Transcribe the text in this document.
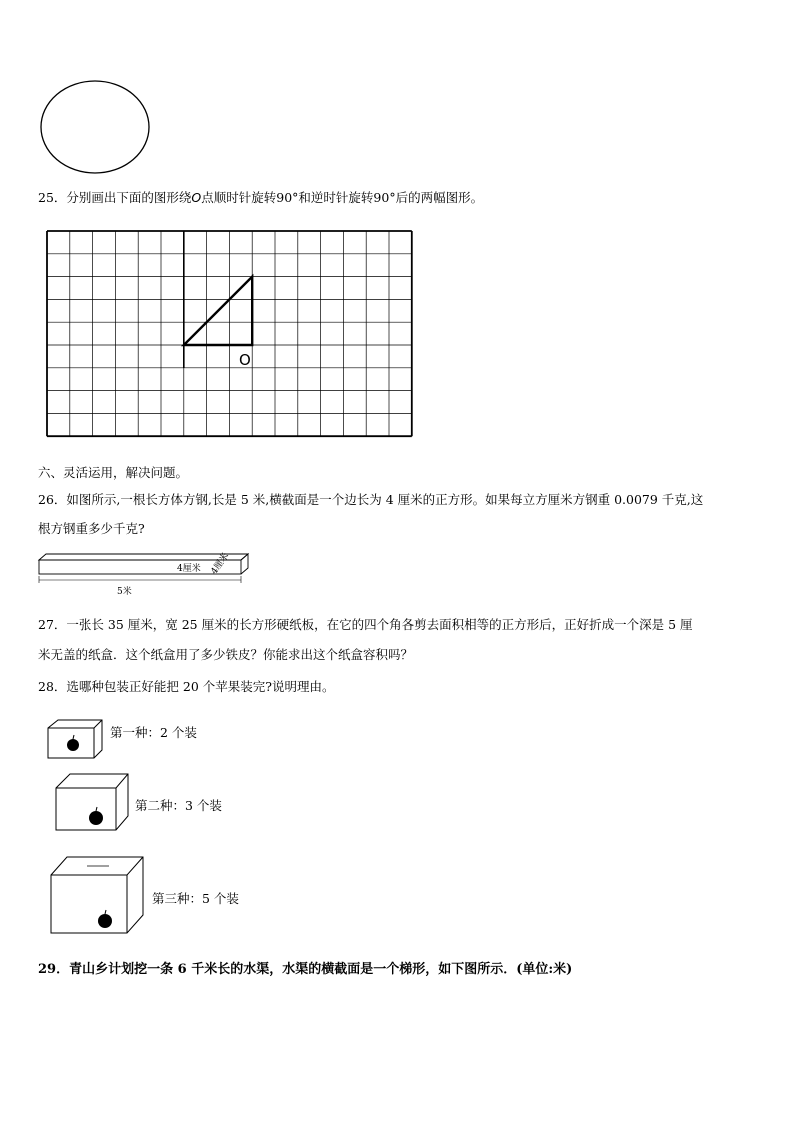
25．分别画出下面的图形绕O点顺时针旋转90°和逆时针旋转90°后的两幅图形。
O
六、灵活运用，解决问题。
26．如图所示,一根长方体方钢,长是 5 米,横截面是一个边长为 4 厘米的正方形。如果每立方厘米方钢重 0.0079 千克,这
根方钢重多少千克?
4厘米 4厘米
5米
27．一张长 35 厘米，宽 25 厘米的长方形硬纸板，在它的四个角各剪去面积相等的正方形后，正好折成一个深是 5 厘
米无盖的纸盒．这个纸盒用了多少铁皮？你能求出这个纸盒容积吗？
28．选哪种包装正好能把 20 个苹果装完?说明理由。
第一种：2 个装
第二种：3 个装
第三种：5 个装
29．青山乡计划挖一条 6 千米长的水渠，水渠的横截面是一个梯形，如下图所示．(单位:米)
